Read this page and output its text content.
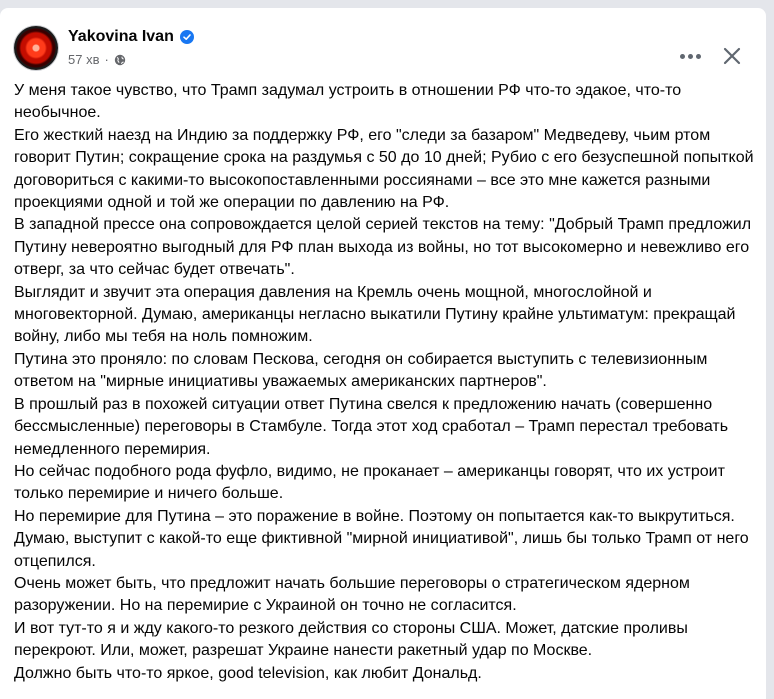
Yakovina Ivan
57 хв ·

У меня такое чувство, что Трамп задумал устроить в отношении РФ что-то эдакое, что-то необычное.

Его жесткий наезд на Индию за поддержку РФ, его "следи за базаром" Медведеву, чьим ртом говорит Путин; сокращение срока на раздумья с 50 до 10 дней; Рубио с его безуспешной попыткой договориться с какими-то высокопоставленными россиянами – все это мне кажется разными проекциями одной и той же операции по давлению на РФ.

В западной прессе она сопровождается целой серией текстов на тему: "Добрый Трамп предложил Путину невероятно выгодный для РФ план выхода из войны, но тот высокомерно и невежливо его отверг, за что сейчас будет отвечать".

Выглядит и звучит эта операция давления на Кремль очень мощной, многослойной и многовекторной. Думаю, американцы негласно выкатили Путину крайне ультиматум: прекращай войну, либо мы тебя на ноль помножим.

Путина это проняло: по словам Пескова, сегодня он собирается выступить с телевизионным ответом на "мирные инициативы уважаемых американских партнеров".

В прошлый раз в похожей ситуации ответ Путина свелся к предложению начать (совершенно бессмысленные) переговоры в Стамбуле. Тогда этот ход сработал – Трамп перестал требовать немедленного перемирия.

Но сейчас подобного рода фуфло, видимо, не проканает – американцы говорят, что их устроит только перемирие и ничего больше.

Но перемирие для Путина – это поражение в войне. Поэтому он попытается как-то выкрутиться. Думаю, выступит с какой-то еще фиктивной "мирной инициативой", лишь бы только Трамп от него отцепился.

Очень может быть, что предложит начать большие переговоры о стратегическом ядерном разоружении. Но на перемирие с Украиной он точно не согласится.

И вот тут-то я и жду какого-то резкого действия со стороны США. Может, датские проливы перекроют. Или, может, разрешат Украине нанести ракетный удар по Москве.

Должно быть что-то яркое, good television, как любит Дональд.
